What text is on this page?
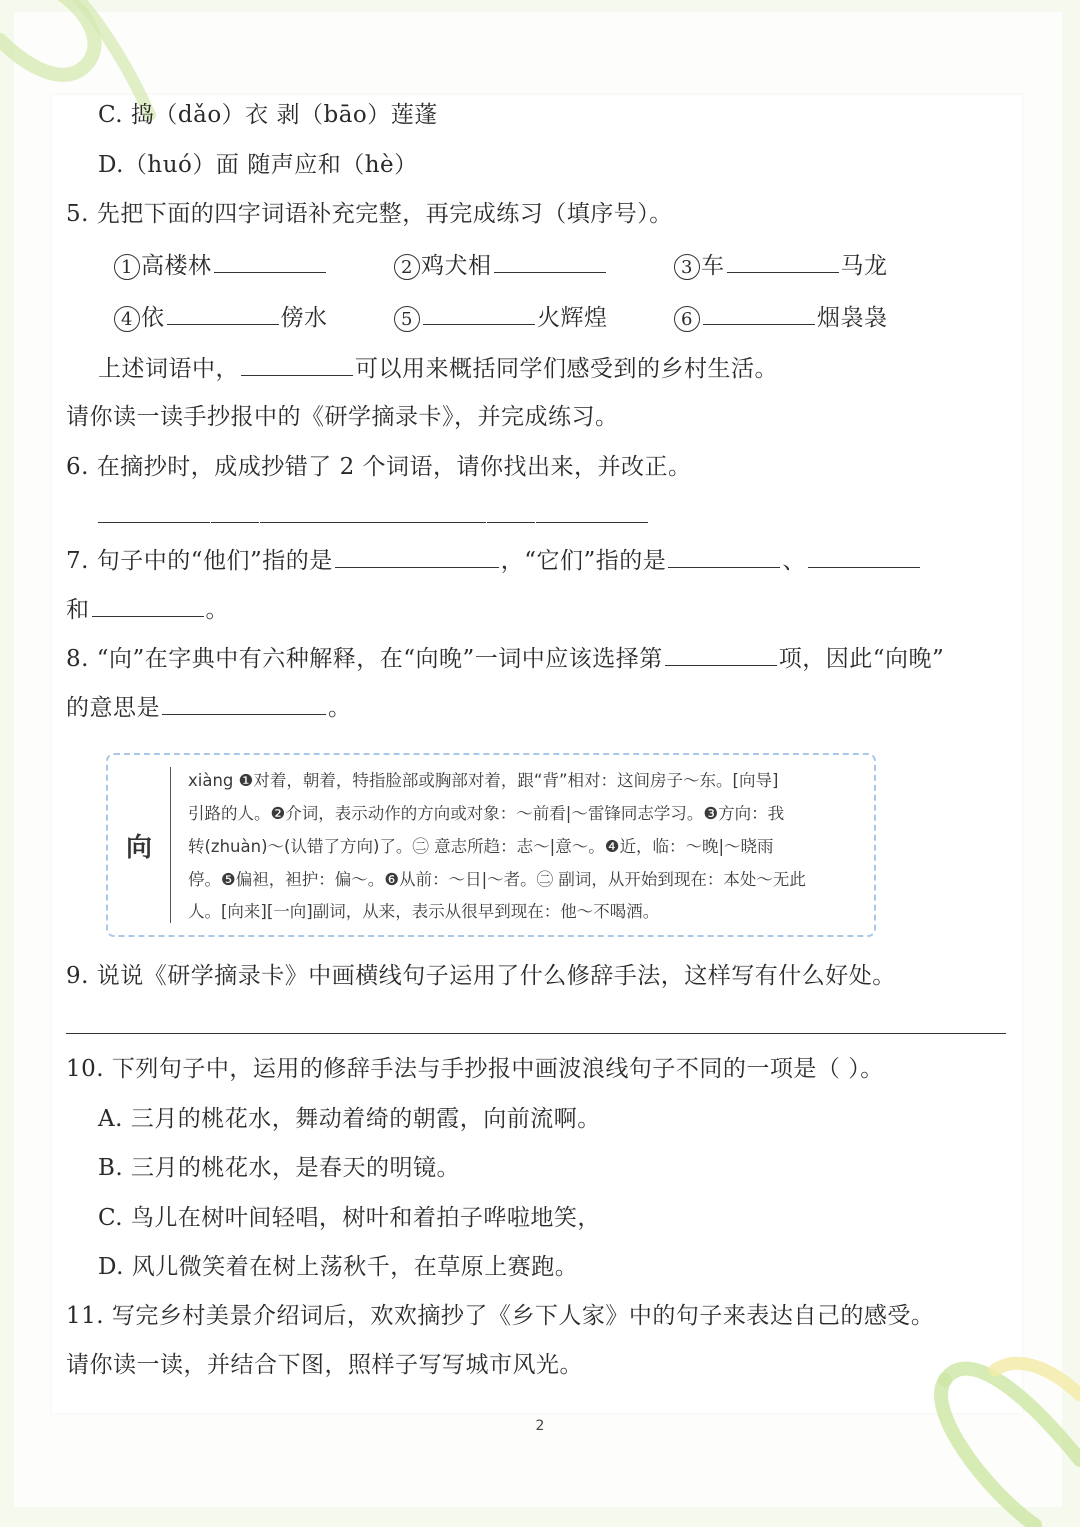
C. 捣（dǎo）衣 剥（bāo）莲蓬
D.（huó）面 随声应和（hè）
5. 先把下面的四字词语补充完整，再完成练习（填序号）。
1 高楼林	2 鸡犬相	3 车	马龙
4 依	傍水	5	火辉煌	6	烟袅袅
上述词语中，	可以用来概括同学们感受到的乡村生活。
请你读一读手抄报中的《研学摘录卡》，并完成练习。
6. 在摘抄时，成成抄错了 2 个词语，请你找出来，并改正。
7. 句子中的“他们”指的是	，“它们”指的是	、
和	。
8. “向”在字典中有六种解释，在“向晚”一词中应该选择第	项，因此“向晚”
的意思是	。
向
xiàng ❶对着，朝着，特指脸部或胸部对着，跟“背”相对：这间房子～东。[向导]
引路的人。❷介词，表示动作的方向或对象：～前看|～雷锋同志学习。❸方向：我
转(zhuàn)～(认错了方向)了。㊁ 意志所趋：志～|意～。❹近，临：～晚|～晓雨
停。❺偏袒，袒护：偏～。❻从前：～日|～者。㊁ 副词，从开始到现在：本处～无此
人。[向来][一向]副词，从来，表示从很早到现在：他～不喝酒。
9. 说说《研学摘录卡》中画横线句子运用了什么修辞手法，这样写有什么好处。
10. 下列句子中，运用的修辞手法与手抄报中画波浪线句子不同的一项是（ ）。
A. 三月的桃花水，舞动着绮的朝霞，向前流啊。
B. 三月的桃花水，是春天的明镜。
C. 鸟儿在树叶间轻唱，树叶和着拍子哗啦地笑，
D. 风儿微笑着在树上荡秋千，在草原上赛跑。
11. 写完乡村美景介绍词后，欢欢摘抄了《乡下人家》中的句子来表达自己的感受。
请你读一读，并结合下图，照样子写写城市风光。
2
